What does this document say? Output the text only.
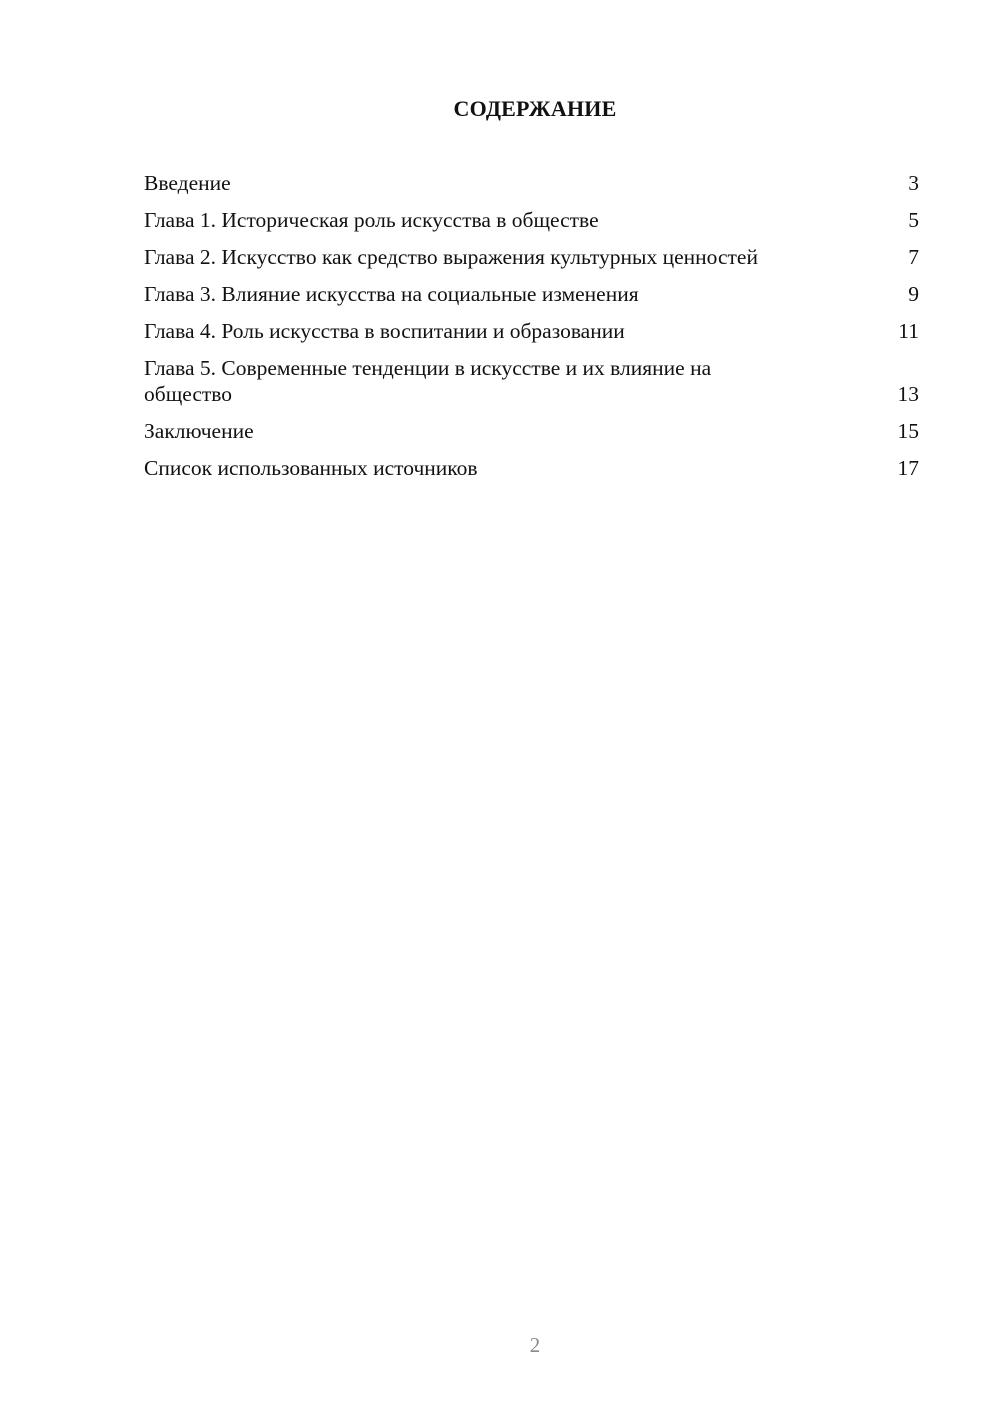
СОДЕРЖАНИЕ
Введение	3
Глава 1. Историческая роль искусства в обществе	5
Глава 2. Искусство как средство выражения культурных ценностей	7
Глава 3. Влияние искусства на социальные изменения	9
Глава 4. Роль искусства в воспитании и образовании	11
Глава 5. Современные тенденции в искусстве и их влияние на общество	13
Заключение	15
Список использованных источников	17
2
